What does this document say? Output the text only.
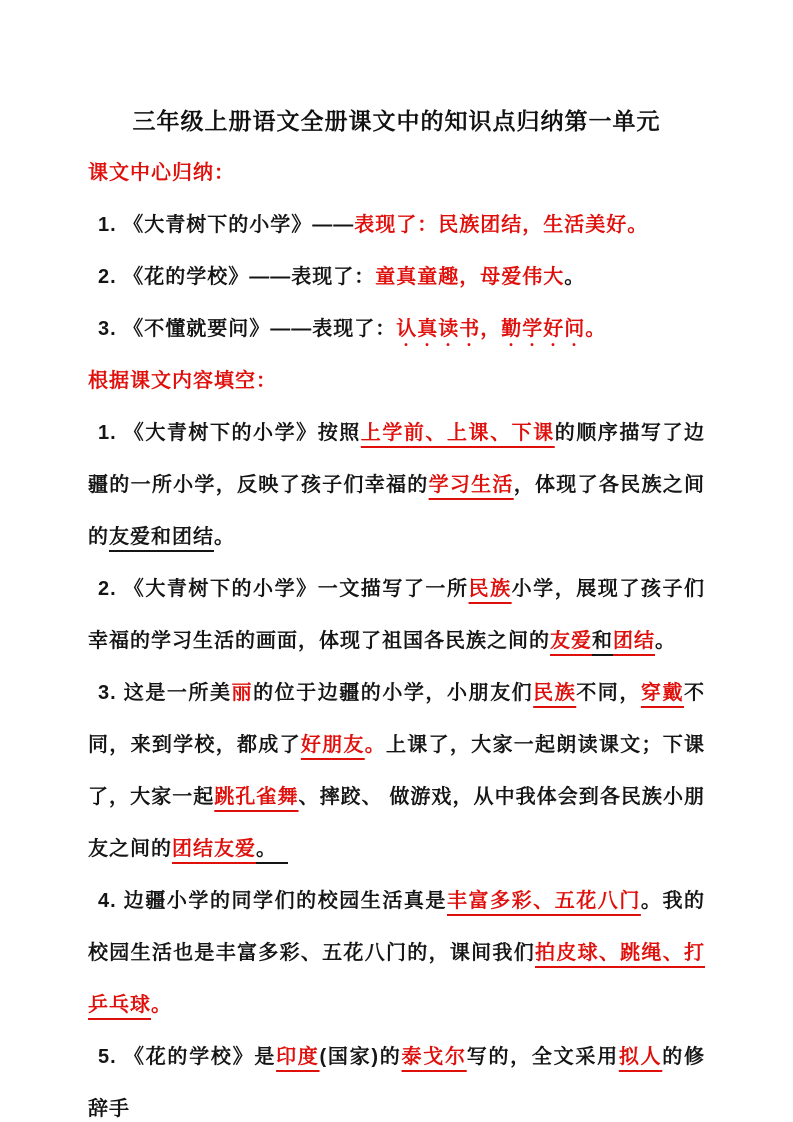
三年级上册语文全册课文中的知识点归纳第一单元
课文中心归纳：

1. 《大青树下的小学》——表现了：民族团结，生活美好。

2. 《花的学校》——表现了：童真童趣，母爱伟大。

3. 《不懂就要问》——表现了：认真读书，勤学好问。

根据课文内容填空：

1. 《大青树下的小学》按照上学前、上课、下课的顺序描写了边疆的一所小学，反映了孩子们幸福的学习生活，体现了各民族之间的友爱和团结。

2. 《大青树下的小学》一文描写了一所民族小学，展现了孩子们幸福的学习生活的画面，体现了祖国各民族之间的友爱和团结。

3. 这是一所美丽的位于边疆的小学，小朋友们民族不同，穿戴不同，来到学校，都成了好朋友。上课了，大家一起朗读课文；下课了，大家一起跳孔雀舞、摔跤、 做游戏，从中我体会到各民族小朋友之间的团结友爱。　

4. 边疆小学的同学们的校园生活真是丰富多彩、五花八门。我的校园生活也是丰富多彩、五花八门的，课间我们拍皮球、跳绳、打乒乓球。

5. 《花的学校》是印度(国家)的泰戈尔写的，全文采用拟人的修辞手
